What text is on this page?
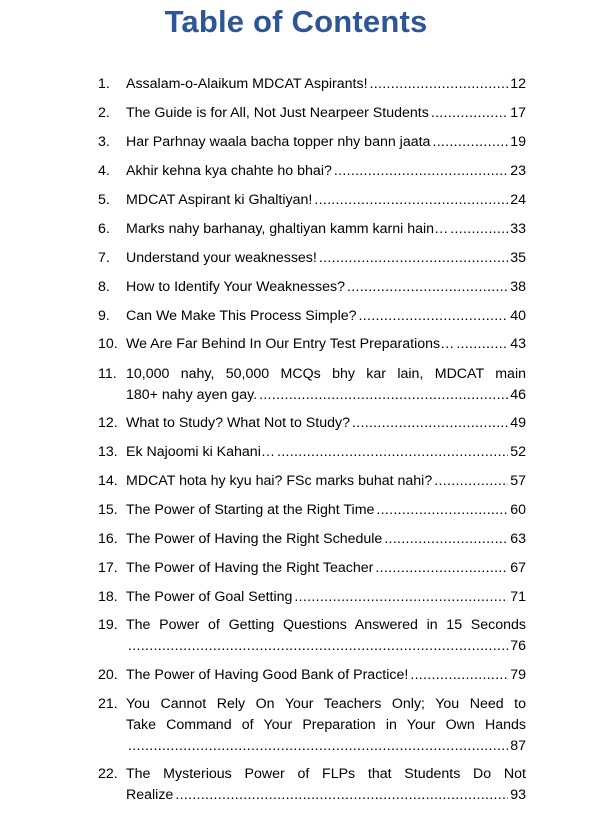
Table of Contents
1. Assalam-o-Alaikum MDCAT Aspirants! .....	12
2. The Guide is for All, Not Just Nearpeer Students .....	17
3. Har Parhnay waala bacha topper nhy bann jaata .....	19
4. Akhir kehna kya chahte ho bhai? .....	23
5. MDCAT Aspirant ki Ghaltiyan! .....	24
6. Marks nahy barhanay, ghaltiyan kamm karni hain… .....	33
7. Understand your weaknesses! .....	35
8. How to Identify Your Weaknesses? .....	38
9. Can We Make This Process Simple? .....	40
10. We Are Far Behind In Our Entry Test Preparations… .....	43
11. 10,000 nahy, 50,000 MCQs bhy kar lain, MDCAT main
180+ nahy ayen gay. .....	46
12. What to Study? What Not to Study? .....	49
13. Ek Najoomi ki Kahani… .....	52
14. MDCAT hota hy kyu hai? FSc marks buhat nahi? .....	57
15. The Power of Starting at the Right Time .....	60
16. The Power of Having the Right Schedule .....	63
17. The Power of Having the Right Teacher .....	67
18. The Power of Goal Setting .....	71
19. The Power of Getting Questions Answered in 15 Seconds
.....
76
20. The Power of Having Good Bank of Practice! .....	79
21. You Cannot Rely On Your Teachers Only; You Need to
Take Command of Your Preparation in Your Own Hands
.....
87
22. The Mysterious Power of FLPs that Students Do Not
Realize .....	93
